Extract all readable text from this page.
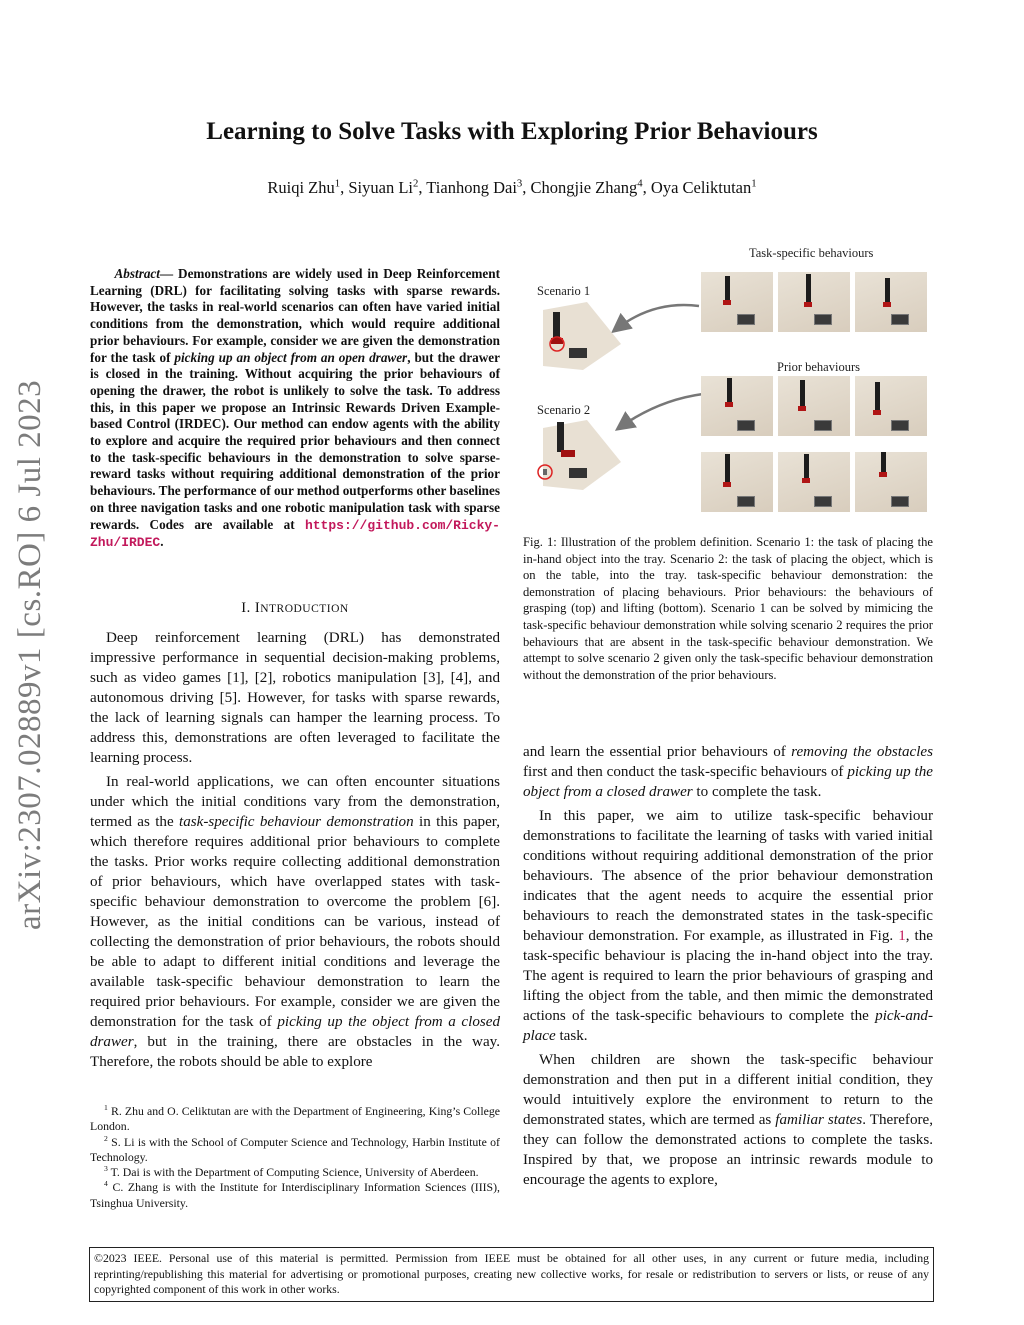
arXiv:2307.02889v1 [cs.RO] 6 Jul 2023
Learning to Solve Tasks with Exploring Prior Behaviours
Ruiqi Zhu$^1$, Siyuan Li$^2$, Tianhong Dai$^3$, Chongjie Zhang$^4$, Oya Celiktutan$^1$
Abstract— Demonstrations are widely used in Deep Reinforcement Learning (DRL) for facilitating solving tasks with sparse rewards. However, the tasks in real-world scenarios can often have varied initial conditions from the demonstration, which would require additional prior behaviours. For example, consider we are given the demonstration for the task of picking up an object from an open drawer, but the drawer is closed in the training. Without acquiring the prior behaviours of opening the drawer, the robot is unlikely to solve the task. To address this, in this paper we propose an Intrinsic Rewards Driven Example-based Control (IRDEC). Our method can endow agents with the ability to explore and acquire the required prior behaviours and then connect to the task-specific behaviours in the demonstration to solve sparse-reward tasks without requiring additional demonstration of the prior behaviours. The performance of our method outperforms other baselines on three navigation tasks and one robotic manipulation task with sparse rewards. Codes are available at https://github.com/Ricky-Zhu/IRDEC.
I. INTRODUCTION

Deep reinforcement learning (DRL) has demonstrated impressive performance in sequential decision-making problems, such as video games [1], [2], robotics manipulation [3], [4], and autonomous driving [5]. However, for tasks with sparse rewards, the lack of learning signals can hamper the learning process. To address this, demonstrations are often leveraged to facilitate the learning process.

In real-world applications, we can often encounter situations under which the initial conditions vary from the demonstration, termed as the task-specific behaviour demonstration in this paper, which therefore requires additional prior behaviours to complete the tasks. Prior works require collecting additional demonstration of prior behaviours, which have overlapped states with task-specific behaviour demonstration to overcome the problem [6]. However, as the initial conditions can be various, instead of collecting the demonstration of prior behaviours, the robots should be able to adapt to different initial conditions and leverage the available task-specific behaviour demonstration to learn the required prior behaviours. For example, consider we are given the demonstration for the task of picking up the object from a closed drawer, but in the training, there are obstacles in the way. Therefore, the robots should be able to explore

$^1$ R. Zhu and O. Celiktutan are with the Department of Engineering, King’s College London.
$^2$ S. Li is with the School of Computer Science and Technology, Harbin Institute of Technology.
$^3$ T. Dai is with the Department of Computing Science, University of Aberdeen.
$^4$ C. Zhang is with the Institute for Interdisciplinary Information Sciences (IIIS), Tsinghua University.
Task-specific behaviours
Prior behaviours
Scenario 1
Scenario 2
Fig. 1: Illustration of the problem definition. Scenario 1: the task of placing the in-hand object into the tray. Scenario 2: the task of placing the object, which is on the table, into the tray. task-specific behaviour demonstration: the demonstration of placing behaviours. Prior behaviours: the behaviours of grasping (top) and lifting (bottom). Scenario 1 can be solved by mimicing the task-specific behaviour demonstration while solving scenario 2 requires the prior behaviours that are absent in the task-specific behaviour demonstration. We attempt to solve scenario 2 given only the task-specific behaviour demonstration without the demonstration of the prior behaviours.

and learn the essential prior behaviours of removing the obstacles first and then conduct the task-specific behaviours of picking up the object from a closed drawer to complete the task.

In this paper, we aim to utilize task-specific behaviour demonstrations to facilitate the learning of tasks with varied initial conditions without requiring additional demonstration of the prior behaviours. The absence of the prior behaviour demonstration indicates that the agent needs to acquire the essential prior behaviours to reach the demonstrated states in the task-specific behaviour demonstration. For example, as illustrated in Fig. 1, the task-specific behaviour is placing the in-hand object into the tray. The agent is required to learn the prior behaviours of grasping and lifting the object from the table, and then mimic the demonstrated actions of the task-specific behaviours to complete the pick-and-place task.

When children are shown the task-specific behaviour demonstration and then put in a different initial condition, they would intuitively explore the environment to return to the demonstrated states, which are termed as familiar states. Therefore, they can follow the demonstrated actions to complete the tasks. Inspired by that, we propose an intrinsic rewards module to encourage the agents to explore,

©2023 IEEE. Personal use of this material is permitted. Permission from IEEE must be obtained for all other uses, in any current or future media, including reprinting/republishing this material for advertising or promotional purposes, creating new collective works, for resale or redistribution to servers or lists, or reuse of any copyrighted component of this work in other works.
